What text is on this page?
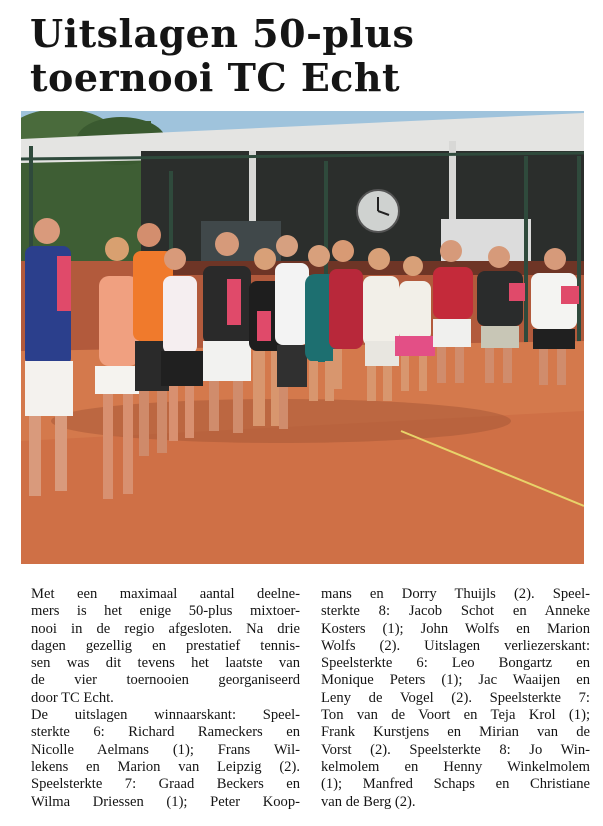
Uitslagen 50-plus
toernooi TC Echt
Met een maximaal aantal deelne-
mers is het enige 50-plus mixtoer-
nooi in de regio afgesloten. Na drie
dagen gezellig en prestatief tennis-
sen was dit tevens het laatste van
de vier toernooien georganiseerd
door TC Echt.
De uitslagen winnaarskant: Speel-
sterkte 6: Richard Rameckers en
Nicolle Aelmans (1); Frans Wil-
lekens en Marion van Leipzig (2).
Speelsterkte 7: Graad Beckers en
Wilma Driessen (1); Peter Koop-
mans en Dorry Thuijls (2). Speel-
sterkte 8: Jacob Schot en Anneke
Kosters (1); John Wolfs en Marion
Wolfs (2). Uitslagen verliezerskant:
Speelsterkte 6: Leo Bongartz en
Monique Peters (1); Jac Waaijen en
Leny de Vogel (2). Speelsterkte 7:
Ton van de Voort en Teja Krol (1);
Frank Kurstjens en Mirian van de
Vorst (2). Speelsterkte 8: Jo Win-
kelmolem en Henny Winkelmolem
(1); Manfred Schaps en Christiane
van de Berg (2).
